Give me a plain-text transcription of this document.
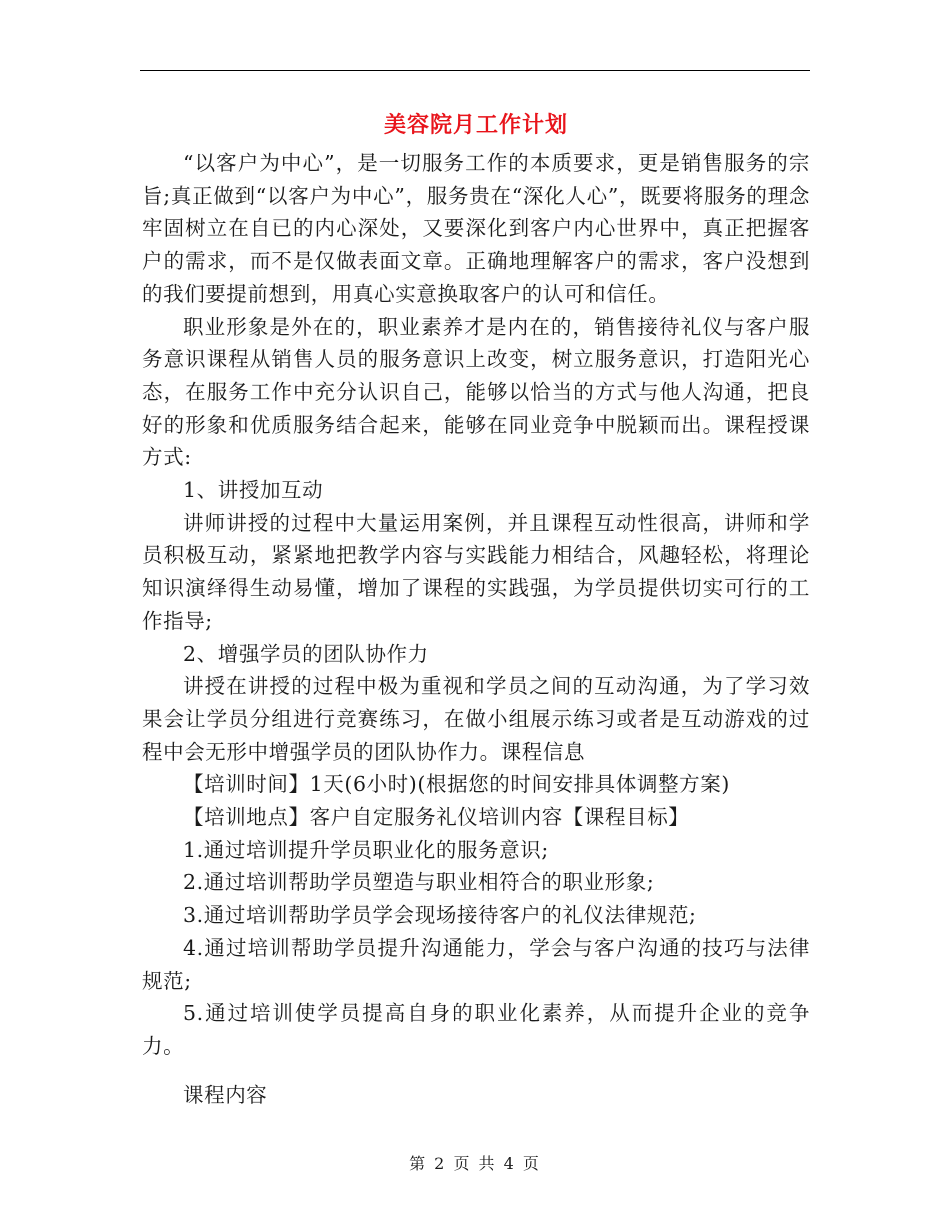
美容院月工作计划

“以客户为中心”，是一切服务工作的本质要求，更是销售服务的宗旨;真正做到“以客户为中心”，服务贵在“深化人心”，既要将服务的理念牢固树立在自已的内心深处，又要深化到客户内心世界中，真正把握客户的需求，而不是仅做表面文章。正确地理解客户的需求，客户没想到的我们要提前想到，用真心实意换取客户的认可和信任。

职业形象是外在的，职业素养才是内在的，销售接待礼仪与客户服务意识课程从销售人员的服务意识上改变，树立服务意识，打造阳光心态，在服务工作中充分认识自己，能够以恰当的方式与他人沟通，把良好的形象和优质服务结合起来，能够在同业竞争中脱颖而出。课程授课方式:

1、讲授加互动

讲师讲授的过程中大量运用案例，并且课程互动性很高，讲师和学员积极互动，紧紧地把教学内容与实践能力相结合，风趣轻松，将理论知识演绎得生动易懂，增加了课程的实践强，为学员提供切实可行的工作指导;

2、增强学员的团队协作力

讲授在讲授的过程中极为重视和学员之间的互动沟通，为了学习效果会让学员分组进行竞赛练习，在做小组展示练习或者是互动游戏的过程中会无形中增强学员的团队协作力。课程信息

【培训时间】1天(6小时)(根据您的时间安排具体调整方案)

【培训地点】客户自定服务礼仪培训内容【课程目标】

1.通过培训提升学员职业化的服务意识;

2.通过培训帮助学员塑造与职业相符合的职业形象;

3.通过培训帮助学员学会现场接待客户的礼仪法律规范;

4.通过培训帮助学员提升沟通能力，学会与客户沟通的技巧与法律规范;

5.通过培训使学员提高自身的职业化素养，从而提升企业的竞争力。

课程内容

第 2 页 共 4 页
